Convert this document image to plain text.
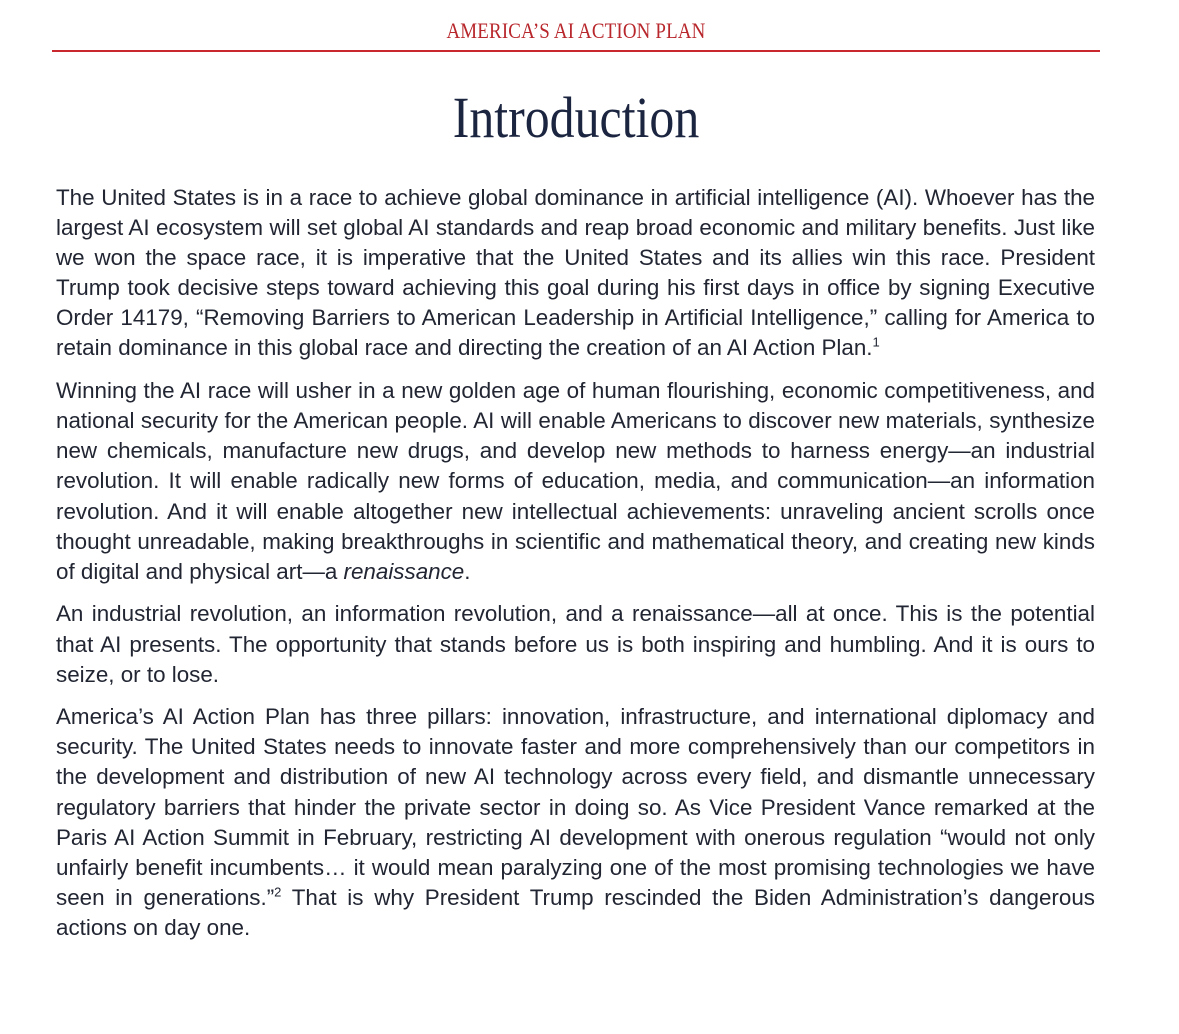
AMERICA’S AI ACTION PLAN
Introduction

The United States is in a race to achieve global dominance in artificial intelligence (AI). Whoever has the largest AI ecosystem will set global AI standards and reap broad economic and military benefits. Just like we won the space race, it is imperative that the United States and its allies win this race. President Trump took decisive steps toward achieving this goal during his first days in office by signing Executive Order 14179, “Removing Barriers to American Leadership in Artificial Intelligence,” calling for America to retain dominance in this global race and directing the creation of an AI Action Plan.$^1$

Winning the AI race will usher in a new golden age of human flourishing, economic competitiveness, and national security for the American people. AI will enable Americans to discover new materials, synthesize new chemicals, manufacture new drugs, and develop new methods to harness energy—an industrial revolution. It will enable radically new forms of education, media, and communication—an information revolution. And it will enable altogether new intellectual achievements: unraveling ancient scrolls once thought unreadable, making breakthroughs in scientific and mathematical theory, and creating new kinds of digital and physical art—a renaissance.

An industrial revolution, an information revolution, and a renaissance—all at once. This is the potential that AI presents. The opportunity that stands before us is both inspiring and humbling. And it is ours to seize, or to lose.

America’s AI Action Plan has three pillars: innovation, infrastructure, and international diplomacy and security. The United States needs to innovate faster and more comprehensively than our competitors in the development and distribution of new AI technology across every field, and dismantle unnecessary regulatory barriers that hinder the private sector in doing so. As Vice President Vance remarked at the Paris AI Action Summit in February, restricting AI development with onerous regulation “would not only unfairly benefit incumbents… it would mean paralyzing one of the most promising technologies we have seen in generations.”$^2$ That is why President Trump rescinded the Biden Administration’s dangerous actions on day one.
